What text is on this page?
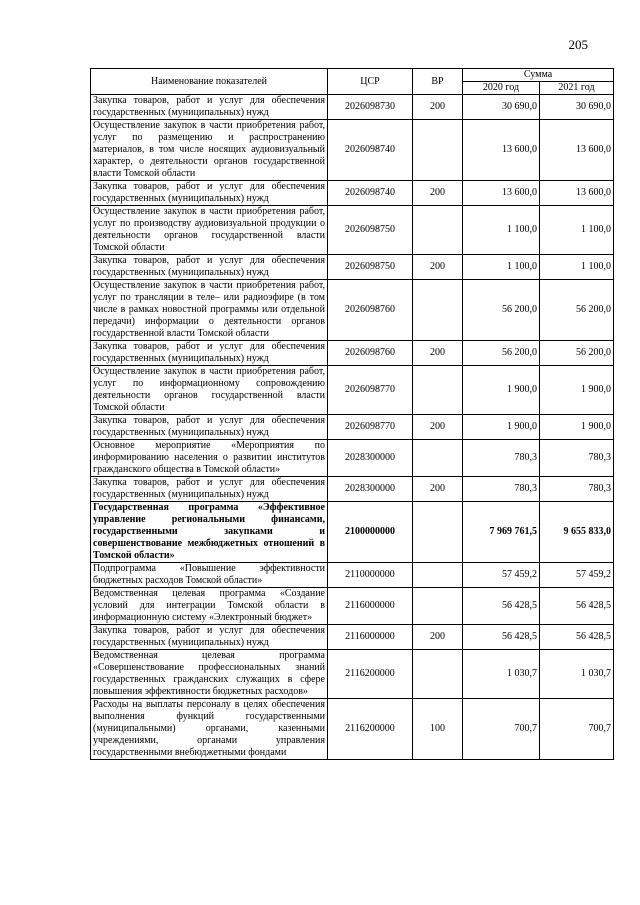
205
Наименование показателей	ЦСР	ВР	Сумма	
			2020 год	2021 год
Закупка товаров, работ и услуг для обеспечения государственных (муниципальных) нужд	2026098730	200	30 690,0	30 690,0
Осуществление закупок в части приобретения работ, услуг по размещению и распространению материалов, в том числе носящих аудиовизуальный характер, о деятельности органов государственной власти Томской области	2026098740		13 600,0	13 600,0
Закупка товаров, работ и услуг для обеспечения государственных (муниципальных) нужд	2026098740	200	13 600,0	13 600,0
Осуществление закупок в части приобретения работ, услуг по производству аудиовизуальной продукции о деятельности органов государственной власти Томской области	2026098750		1 100,0	1 100,0
Закупка товаров, работ и услуг для обеспечения государственных (муниципальных) нужд	2026098750	200	1 100,0	1 100,0
Осуществление закупок в части приобретения работ, услуг по трансляции в теле– или радиоэфире (в том числе в рамках новостной программы или отдельной передачи) информации о деятельности органов государственной власти Томской области	2026098760		56 200,0	56 200,0
Закупка товаров, работ и услуг для обеспечения государственных (муниципальных) нужд	2026098760	200	56 200,0	56 200,0
Осуществление закупок в части приобретения работ, услуг по информационному сопровождению деятельности органов государственной власти Томской области	2026098770		1 900,0	1 900,0
Закупка товаров, работ и услуг для обеспечения государственных (муниципальных) нужд	2026098770	200	1 900,0	1 900,0
Основное мероприятие «Мероприятия по информированию населения о развитии институтов гражданского общества в Томской области»	2028300000		780,3	780,3
Закупка товаров, работ и услуг для обеспечения государственных (муниципальных) нужд	2028300000	200	780,3	780,3
Государственная программа «Эффективное управление региональными финансами, государственными закупками и совершенствование межбюджетных отношений в Томской области»	2100000000		7 969 761,5	9 655 833,0
Подпрограмма «Повышение эффективности бюджетных расходов Томской области»	2110000000		57 459,2	57 459,2
Ведомственная целевая программа «Создание условий для интеграции Томской области в информационную систему «Электронный бюджет»	2116000000		56 428,5	56 428,5
Закупка товаров, работ и услуг для обеспечения государственных (муниципальных) нужд	2116000000	200	56 428,5	56 428,5
Ведомственная целевая программа «Совершенствование профессиональных знаний государственных гражданских служащих в сфере повышения эффективности бюджетных расходов»	2116200000		1 030,7	1 030,7
Расходы на выплаты персоналу в целях обеспечения выполнения функций государственными (муниципальными) органами, казенными учреждениями, органами управления государственными внебюджетными фондами	2116200000	100	700,7	700,7
